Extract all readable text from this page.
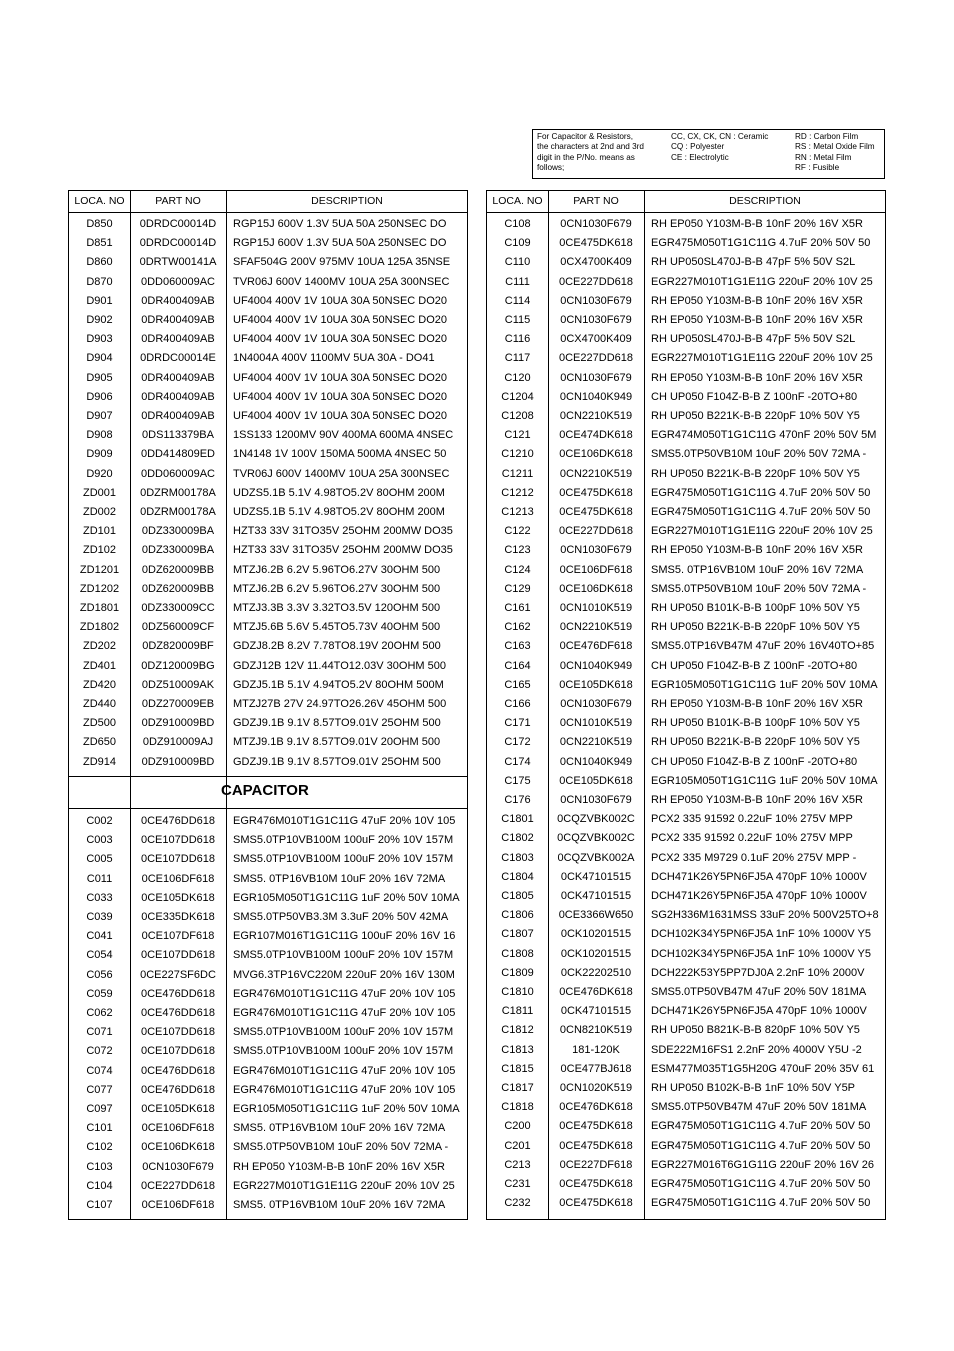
For Capacitor & Resistors,
the characters at 2nd and 3rd
digit in the P/No. means as
follows;
CC, CX, CK, CN : Ceramic
CQ : Polyester
CE : Electrolytic
RD : Carbon Film
RS : Metal Oxide Film
RN : Metal Film
RF : Fusible
LOCA. NO	PART NO	DESCRIPTION
CAPACITOR
D850	0DRDC00014D	RGP15J 600V 1.3V 5UA 50A 250NSEC DO
D851	0DRDC00014D	RGP15J 600V 1.3V 5UA 50A 250NSEC DO
D860	0DRTW00141A	SFAF504G 200V 975MV 10UA 125A 35NSE
D870	0DD060009AC	TVR06J 600V 1400MV 10UA 25A 300NSEC
D901	0DR400409AB	UF4004 400V 1V 10UA 30A 50NSEC DO20
D902	0DR400409AB	UF4004 400V 1V 10UA 30A 50NSEC DO20
D903	0DR400409AB	UF4004 400V 1V 10UA 30A 50NSEC DO20
D904	0DRDC00014E	1N4004A 400V 1100MV 5UA 30A - DO41
D905	0DR400409AB	UF4004 400V 1V 10UA 30A 50NSEC DO20
D906	0DR400409AB	UF4004 400V 1V 10UA 30A 50NSEC DO20
D907	0DR400409AB	UF4004 400V 1V 10UA 30A 50NSEC DO20
D908	0DS113379BA	1SS133 1200MV 90V 400MA 600MA 4NSEC
D909	0DD414809ED	1N4148 1V 100V 150MA 500MA 4NSEC 50
D920	0DD060009AC	TVR06J 600V 1400MV 10UA 25A 300NSEC
ZD001	0DZRM00178A	UDZS5.1B 5.1V 4.98TO5.2V 80OHM 200M
ZD002	0DZRM00178A	UDZS5.1B 5.1V 4.98TO5.2V 80OHM 200M
ZD101	0DZ330009BA	HZT33 33V 31TO35V 25OHM 200MW DO35
ZD102	0DZ330009BA	HZT33 33V 31TO35V 25OHM 200MW DO35
ZD1201	0DZ620009BB	MTZJ6.2B 6.2V 5.96TO6.27V 30OHM 500
ZD1202	0DZ620009BB	MTZJ6.2B 6.2V 5.96TO6.27V 30OHM 500
ZD1801	0DZ330009CC	MTZJ3.3B 3.3V 3.32TO3.5V 120OHM 500
ZD1802	0DZ560009CF	MTZJ5.6B 5.6V 5.45TO5.73V 40OHM 500
ZD202	0DZ820009BF	GDZJ8.2B 8.2V 7.78TO8.19V 20OHM 500
ZD401	0DZ120009BG	GDZJ12B 12V 11.44TO12.03V 30OHM 500
ZD420	0DZ510009AK	GDZJ5.1B 5.1V 4.94TO5.2V 80OHM 500M
ZD440	0DZ270009EB	MTZJ27B 27V 24.97TO26.26V 45OHM 500
ZD500	0DZ910009BD	GDZJ9.1B 9.1V 8.57TO9.01V 25OHM 500
ZD650	0DZ910009AJ	MTZJ9.1B 9.1V 8.57TO9.01V 20OHM 500
ZD914	0DZ910009BD	GDZJ9.1B 9.1V 8.57TO9.01V 25OHM 500
C002	0CE476DD618	EGR476M010T1G1C11G 47uF 20% 10V 105
C003	0CE107DD618	SMS5.0TP10VB100M 100uF 20% 10V 157M
C005	0CE107DD618	SMS5.0TP10VB100M 100uF 20% 10V 157M
C011	0CE106DF618	SMS5. 0TP16VB10M 10uF 20% 16V 72MA
C033	0CE105DK618	EGR105M050T1G1C11G 1uF 20% 50V 10MA
C039	0CE335DK618	SMS5.0TP50VB3.3M 3.3uF 20% 50V 42MA
C041	0CE107DF618	EGR107M016T1G1C11G 100uF 20% 16V 16
C054	0CE107DD618	SMS5.0TP10VB100M 100uF 20% 10V 157M
C056	0CE227SF6DC	MVG6.3TP16VC220M 220uF 20% 16V 130M
C059	0CE476DD618	EGR476M010T1G1C11G 47uF 20% 10V 105
C062	0CE476DD618	EGR476M010T1G1C11G 47uF 20% 10V 105
C071	0CE107DD618	SMS5.0TP10VB100M 100uF 20% 10V 157M
C072	0CE107DD618	SMS5.0TP10VB100M 100uF 20% 10V 157M
C074	0CE476DD618	EGR476M010T1G1C11G 47uF 20% 10V 105
C077	0CE476DD618	EGR476M010T1G1C11G 47uF 20% 10V 105
C097	0CE105DK618	EGR105M050T1G1C11G 1uF 20% 50V 10MA
C101	0CE106DF618	SMS5. 0TP16VB10M 10uF 20% 16V 72MA
C102	0CE106DK618	SMS5.0TP50VB10M 10uF 20% 50V 72MA -
C103	0CN1030F679	RH EP050 Y103M-B-B 10nF 20% 16V X5R
C104	0CE227DD618	EGR227M010T1G1E11G 220uF 20% 10V 25
C107	0CE106DF618	SMS5. 0TP16VB10M 10uF 20% 16V 72MA
LOCA. NO	PART NO	DESCRIPTION
C108	0CN1030F679	RH EP050 Y103M-B-B 10nF 20% 16V X5R
C109	0CE475DK618	EGR475M050T1G1C11G 4.7uF 20% 50V 50
C110	0CX4700K409	RH UP050SL470J-B-B 47pF 5% 50V S2L
C111	0CE227DD618	EGR227M010T1G1E11G 220uF 20% 10V 25
C114	0CN1030F679	RH EP050 Y103M-B-B 10nF 20% 16V X5R
C115	0CN1030F679	RH EP050 Y103M-B-B 10nF 20% 16V X5R
C116	0CX4700K409	RH UP050SL470J-B-B 47pF 5% 50V S2L
C117	0CE227DD618	EGR227M010T1G1E11G 220uF 20% 10V 25
C120	0CN1030F679	RH EP050 Y103M-B-B 10nF 20% 16V X5R
C1204	0CN1040K949	CH UP050 F104Z-B-B Z 100nF -20TO+80
C1208	0CN2210K519	RH UP050 B221K-B-B 220pF 10% 50V Y5
C121	0CE474DK618	EGR474M050T1G1C11G 470nF 20% 50V 5M
C1210	0CE106DK618	SMS5.0TP50VB10M 10uF 20% 50V 72MA -
C1211	0CN2210K519	RH UP050 B221K-B-B 220pF 10% 50V Y5
C1212	0CE475DK618	EGR475M050T1G1C11G 4.7uF 20% 50V 50
C1213	0CE475DK618	EGR475M050T1G1C11G 4.7uF 20% 50V 50
C122	0CE227DD618	EGR227M010T1G1E11G 220uF 20% 10V 25
C123	0CN1030F679	RH EP050 Y103M-B-B 10nF 20% 16V X5R
C124	0CE106DF618	SMS5. 0TP16VB10M 10uF 20% 16V 72MA
C129	0CE106DK618	SMS5.0TP50VB10M 10uF 20% 50V 72MA -
C161	0CN1010K519	RH UP050 B101K-B-B 100pF 10% 50V Y5
C162	0CN2210K519	RH UP050 B221K-B-B 220pF 10% 50V Y5
C163	0CE476DF618	SMS5.0TP16VB47M 47uF 20% 16V40TO+85
C164	0CN1040K949	CH UP050 F104Z-B-B Z 100nF -20TO+80
C165	0CE105DK618	EGR105M050T1G1C11G 1uF 20% 50V 10MA
C166	0CN1030F679	RH EP050 Y103M-B-B 10nF 20% 16V X5R
C171	0CN1010K519	RH UP050 B101K-B-B 100pF 10% 50V Y5
C172	0CN2210K519	RH UP050 B221K-B-B 220pF 10% 50V Y5
C174	0CN1040K949	CH UP050 F104Z-B-B Z 100nF -20TO+80
C175	0CE105DK618	EGR105M050T1G1C11G 1uF 20% 50V 10MA
C176	0CN1030F679	RH EP050 Y103M-B-B 10nF 20% 16V X5R
C1801	0CQZVBK002C	PCX2 335 91592 0.22uF 10% 275V MPP
C1802	0CQZVBK002C	PCX2 335 91592 0.22uF 10% 275V MPP
C1803	0CQZVBK002A	PCX2 335 M9729 0.1uF 20% 275V MPP -
C1804	0CK47101515	DCH471K26Y5PN6FJ5A 470pF 10% 1000V
C1805	0CK47101515	DCH471K26Y5PN6FJ5A 470pF 10% 1000V
C1806	0CE3366W650	SG2H336M1631MSS 33uF 20% 500V25TO+8
C1807	0CK10201515	DCH102K34Y5PN6FJ5A 1nF 10% 1000V Y5
C1808	0CK10201515	DCH102K34Y5PN6FJ5A 1nF 10% 1000V Y5
C1809	0CK22202510	DCH222K53Y5PP7DJ0A 2.2nF 10% 2000V
C1810	0CE476DK618	SMS5.0TP50VB47M 47uF 20% 50V 181MA
C1811	0CK47101515	DCH471K26Y5PN6FJ5A 470pF 10% 1000V
C1812	0CN8210K519	RH UP050 B821K-B-B 820pF 10% 50V Y5
C1813	181-120K	SDE222M16FS1 2.2nF 20% 4000V Y5U -2
C1815	0CE477BJ618	ESM477M035T1G5H20G 470uF 20% 35V 61
C1817	0CN1020K519	RH UP050 B102K-B-B 1nF 10% 50V Y5P
C1818	0CE476DK618	SMS5.0TP50VB47M 47uF 20% 50V 181MA
C200	0CE475DK618	EGR475M050T1G1C11G 4.7uF 20% 50V 50
C201	0CE475DK618	EGR475M050T1G1C11G 4.7uF 20% 50V 50
C213	0CE227DF618	EGR227M016T6G1G11G 220uF 20% 16V 26
C231	0CE475DK618	EGR475M050T1G1C11G 4.7uF 20% 50V 50
C232	0CE475DK618	EGR475M050T1G1C11G 4.7uF 20% 50V 50
